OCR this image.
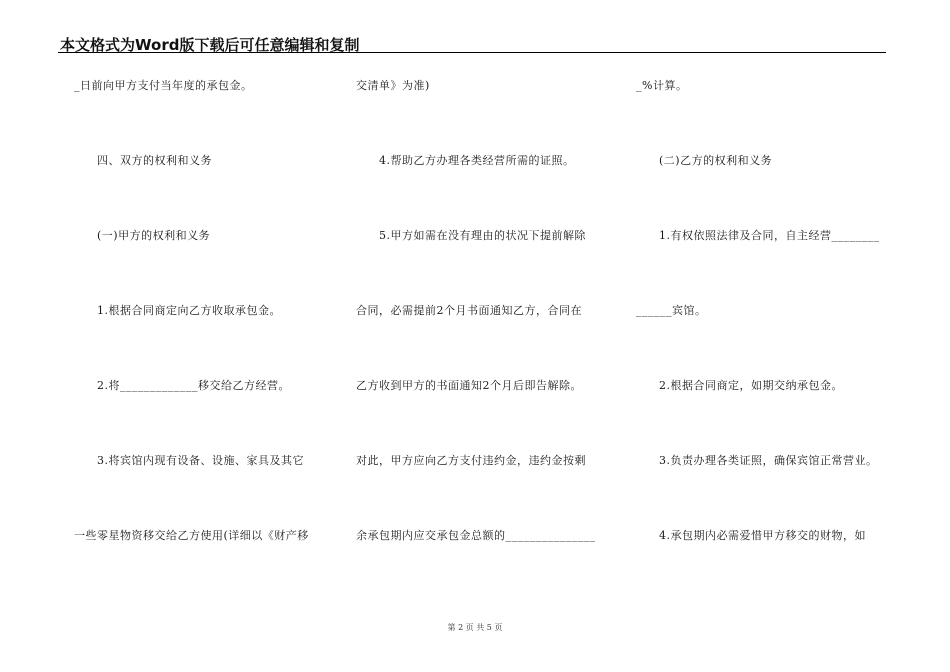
本文格式为Word版下载后可任意编辑和复制
_日前向甲方支付当年度的承包金。
　　四、双方的权利和义务
　　(一)甲方的权利和义务
　　1.根据合同商定向乙方收取承包金。
　　2.将_____________移交给乙方经营。
　　3.将宾馆内现有设备、设施、家具及其它
一些零星物资移交给乙方使用(详细以《财产移
交清单》为准)
　　4.帮助乙方办理各类经营所需的证照。
　　5.甲方如需在没有理由的状况下提前解除
合同，必需提前2个月书面通知乙方，合同在
乙方收到甲方的书面通知2个月后即告解除。
对此，甲方应向乙方支付违约金，违约金按剩
余承包期内应交承包金总额的_______________
_%计算。
　　(二)乙方的权利和义务
　　1.有权依照法律及合同，自主经营________
______宾馆。
　　2.根据合同商定，如期交纳承包金。
　　3.负责办理各类证照，确保宾馆正常营业。
　　4.承包期内必需爱惜甲方移交的财物，如
第 2 页 共 5 页
